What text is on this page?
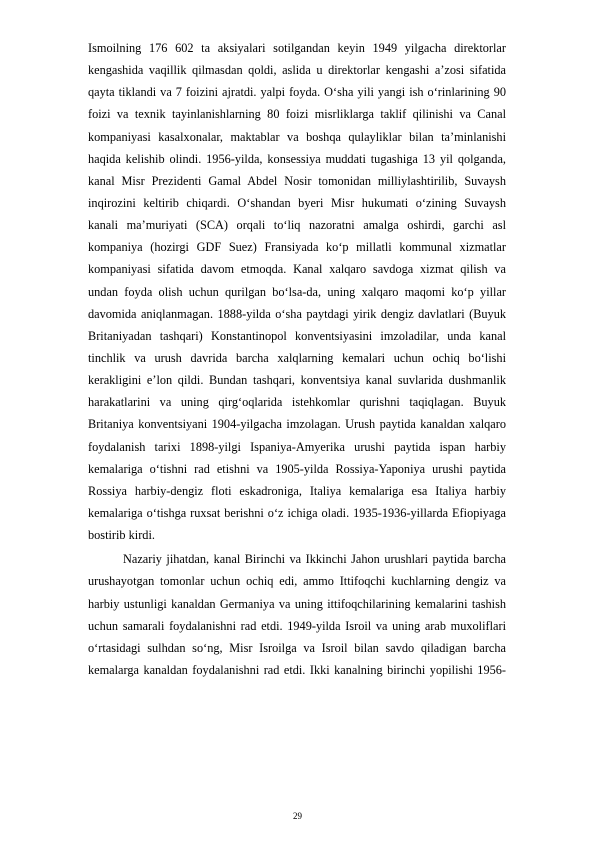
Ismoilning 176 602 ta aksiyalari sotilgandan keyin 1949 yilgacha direktorlar
kengashida vaqillik qilmasdan qoldi, aslida u direktorlar kengashi a’zosi sifatida
qayta tiklandi va 7 foizini ajratdi. yalpi foyda. O‘sha yili yangi ish o‘rinlarining 90
foizi va texnik tayinlanishlarning 80 foizi misrliklarga taklif qilinishi va Canal
kompaniyasi kasalxonalar, maktablar va boshqa qulayliklar bilan ta’minlanishi
haqida kelishib olindi. 1956-yilda, konsessiya muddati tugashiga 13 yil qolganda,
kanal Misr Prezidenti Gamal Abdel Nosir tomonidan milliylashtirilib, Suvaysh
inqirozini keltirib chiqardi. O‘shandan byeri Misr hukumati o‘zining Suvaysh
kanali ma’muriyati (SCA) orqali to‘liq nazoratni amalga oshirdi, garchi asl
kompaniya (hozirgi GDF Suez) Fransiyada ko‘p millatli kommunal xizmatlar
kompaniyasi sifatida davom etmoqda. Kanal xalqaro savdoga xizmat qilish va
undan foyda olish uchun qurilgan bo‘lsa-da, uning xalqaro maqomi ko‘p yillar
davomida aniqlanmagan. 1888-yilda o‘sha paytdagi yirik dengiz davlatlari (Buyuk
Britaniyadan tashqari) Konstantinopol konventsiyasini imzoladilar, unda kanal
tinchlik va urush davrida barcha xalqlarning kemalari uchun ochiq bo‘lishi
kerakligini e’lon qildi. Bundan tashqari, konventsiya kanal suvlarida dushmanlik
harakatlarini va uning qirg‘oqlarida istehkomlar qurishni taqiqlagan. Buyuk
Britaniya konventsiyani 1904-yilgacha imzolagan. Urush paytida kanaldan xalqaro
foydalanish tarixi 1898-yilgi Ispaniya-Amyerika urushi paytida ispan harbiy
kemalariga o‘tishni rad etishni va 1905-yilda Rossiya-Yaponiya urushi paytida
Rossiya harbiy-dengiz floti eskadroniga, Italiya kemalariga esa Italiya harbiy
kemalariga o‘tishga ruxsat berishni o‘z ichiga oladi. 1935-1936-yillarda Efiopiyaga
bostirib kirdi.
Nazariy jihatdan, kanal Birinchi va Ikkinchi Jahon urushlari paytida barcha
urushayotgan tomonlar uchun ochiq edi, ammo Ittifoqchi kuchlarning dengiz va
harbiy ustunligi kanaldan Germaniya va uning ittifoqchilarining kemalarini tashish
uchun samarali foydalanishni rad etdi. 1949-yilda Isroil va uning arab muxoliflari
o‘rtasidagi sulhdan so‘ng, Misr Isroilga va Isroil bilan savdo qiladigan barcha
kemalarga kanaldan foydalanishni rad etdi. Ikki kanalning birinchi yopilishi 1956-
29
